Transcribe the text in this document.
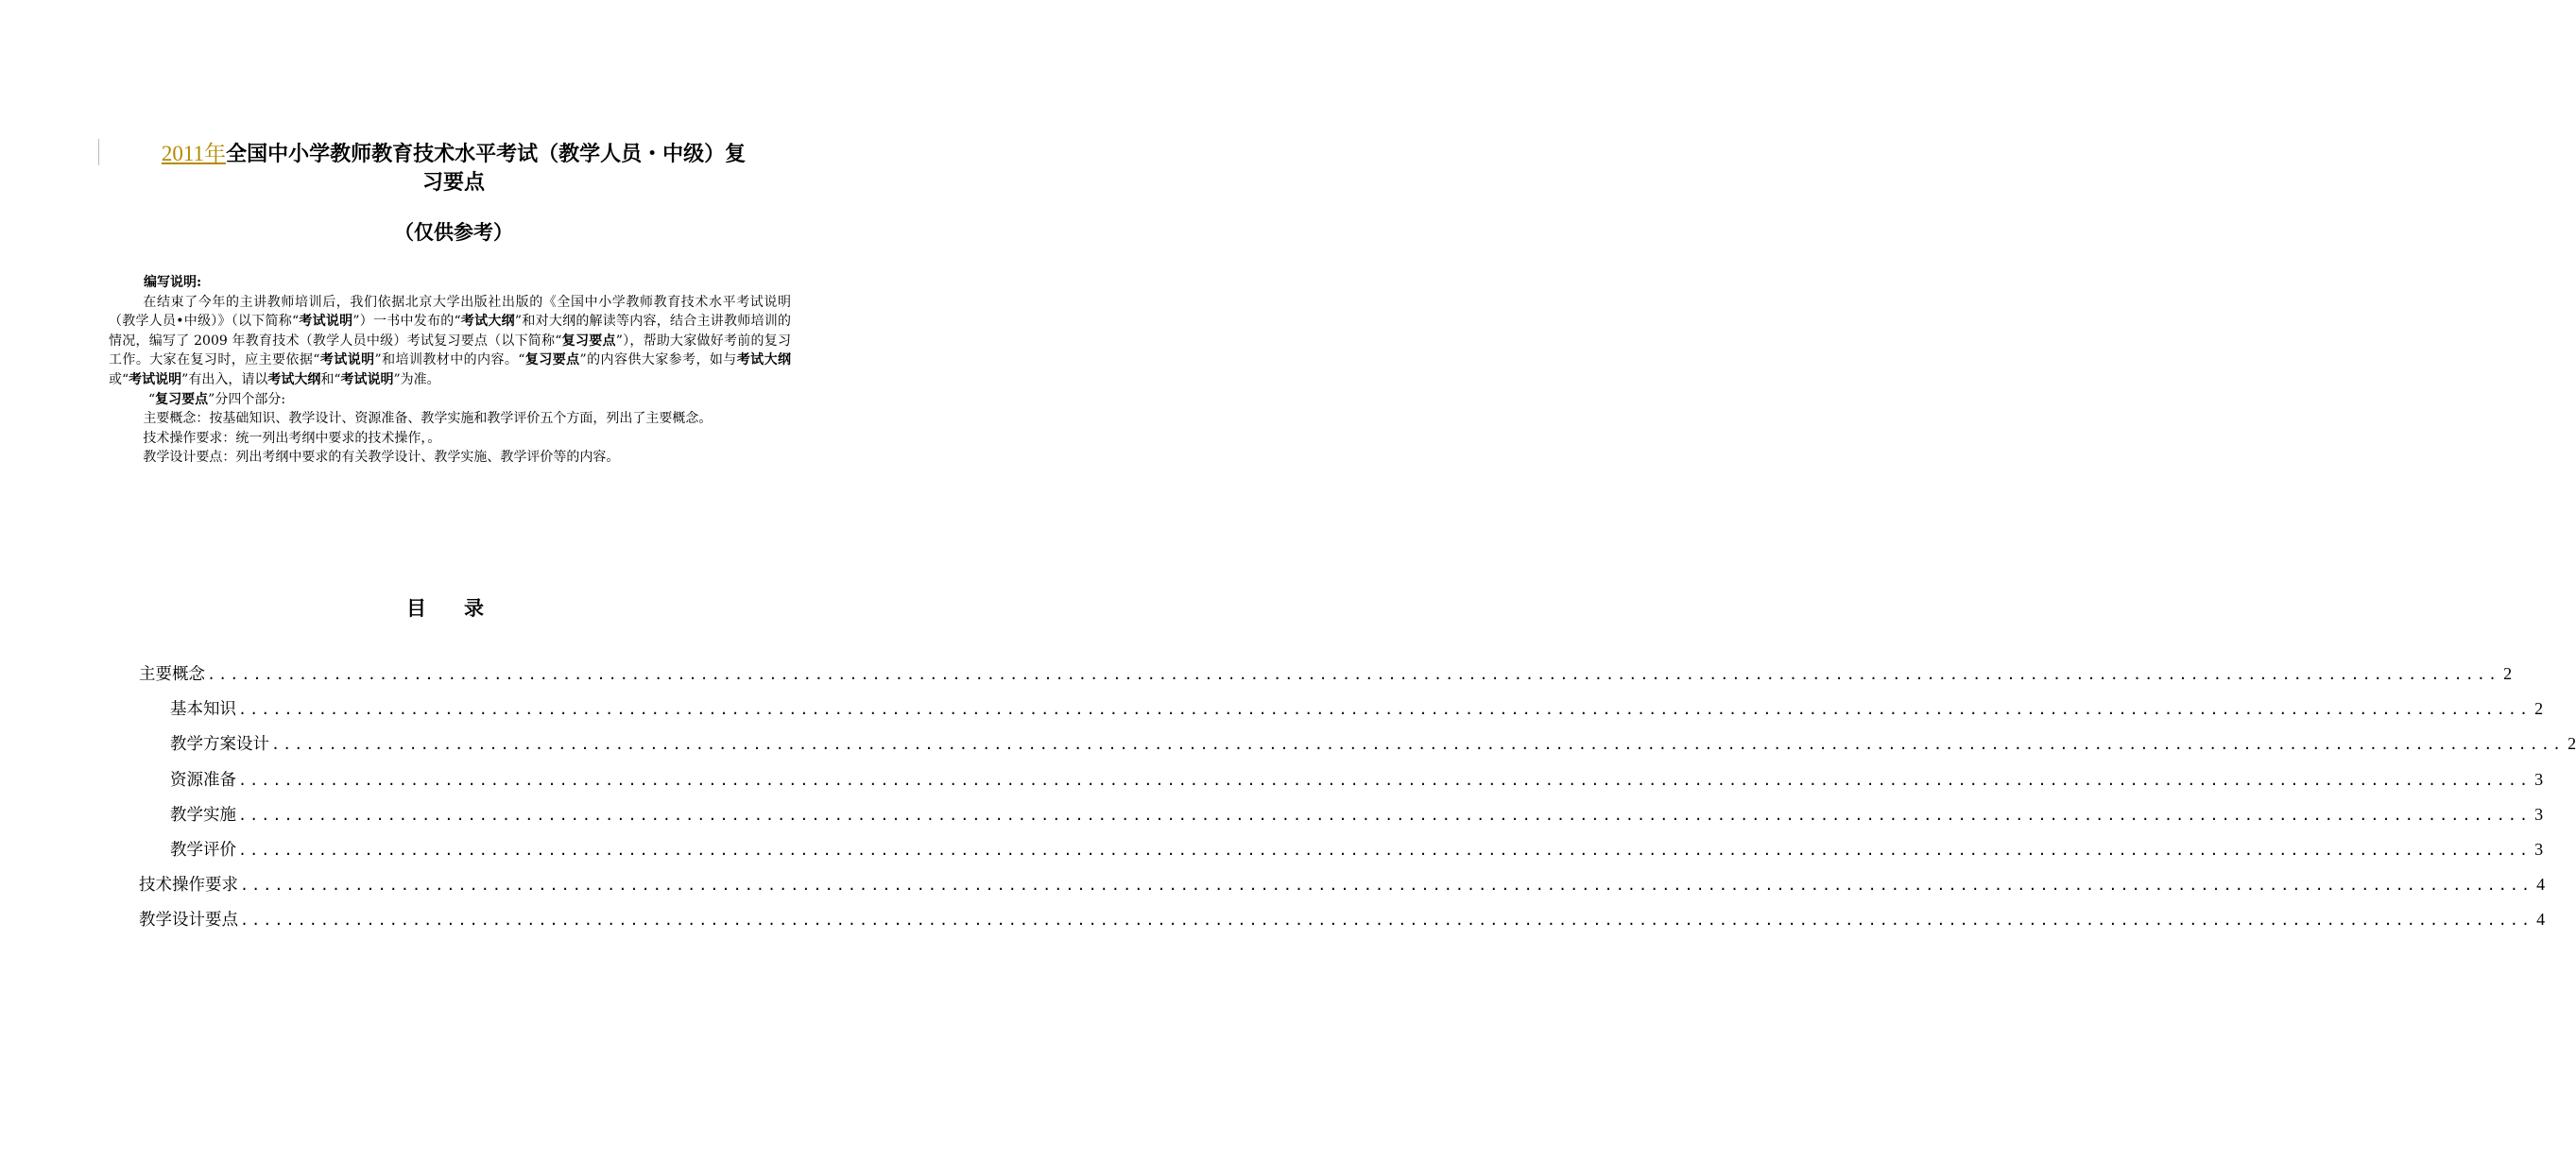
2011年全国中小学教师教育技术水平考试（教学人员・中级）复
习要点
（仅供参考）

编写说明:

在结束了今年的主讲教师培训后，我们依据北京大学出版社出版的《全国中小学教师教育技术水平考试说明（教学人员•中级）》（以下简称“考试说明”）一书中发布的“考试大纲”和对大纲的解读等内容，结合主讲教师培训的情况，编写了 2009 年教育技术（教学人员中级）考试复习要点（以下简称“复习要点”），帮助大家做好考前的复习工作。大家在复习时，应主要依据“考试说明”和培训教材中的内容。“复习要点”的内容供大家参考，如与考试大纲或“考试说明”有出入，请以考试大纲和“考试说明”为准。

“复习要点”分四个部分:

主要概念：按基础知识、教学设计、资源准备、教学实施和教学评价五个方面，列出了主要概念。

技术操作要求：统一列出考纲中要求的技术操作，。

教学设计要点：列出考纲中要求的有关教学设计、教学实施、教学评价等的内容。

目 录
主要概念 ........................................................................................................................................................................................................ 2
基本知识 ........................................................................................................................................................................................................ 2
教学方案设计 ........................................................................................................................................................................................................ 2
资源准备 ........................................................................................................................................................................................................ 3
教学实施 ........................................................................................................................................................................................................ 3
教学评价 ........................................................................................................................................................................................................ 3
技术操作要求 ........................................................................................................................................................................................................ 4
教学设计要点 ........................................................................................................................................................................................................ 4
